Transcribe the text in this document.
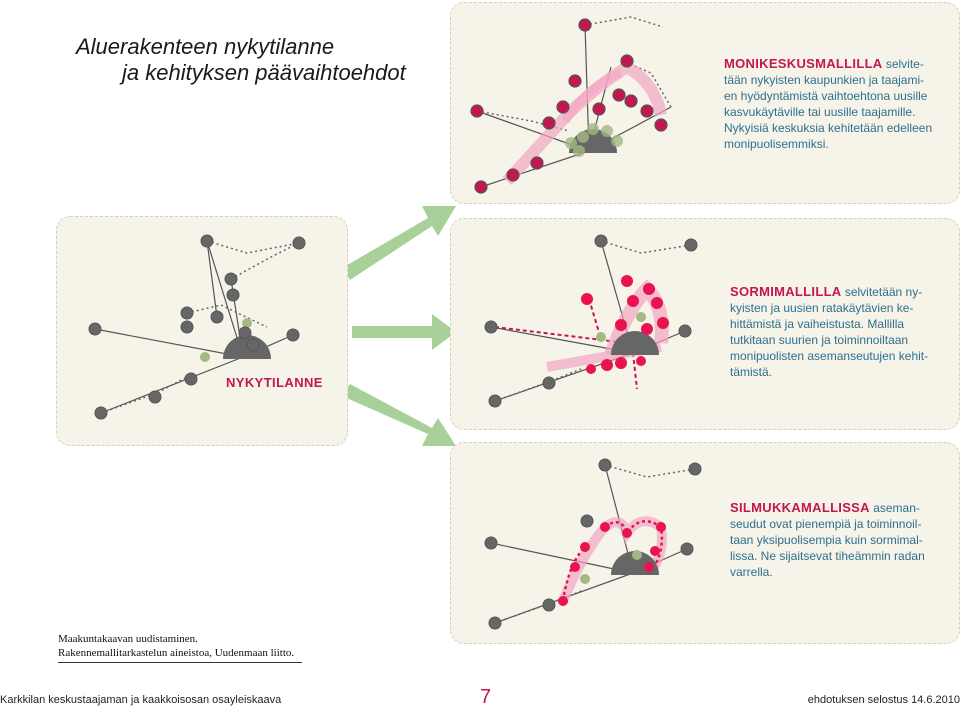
Aluerakenteen nykytilanne
ja kehityksen päävaihtoehdot	MONIKESKUSMALLILLA selvite-
tään nykyisten kaupunkien ja taajami-
en hyödyntämistä vaihtoehtona uusille
kasvukäytäville tai uusille taajamille.
Nykyisiä keskuksia kehitetään edelleen
monipuolisemmiksi.
NYKYTILANNE
SORMIMALLILLA selvitetään ny-
kyisten ja uusien ratakäytävien ke-
hittämistä ja vaiheistusta. Mallilla
tutkitaan suurien ja toiminnoiltaan
monipuolisten asemanseutujen kehit-
tämistä.
SILMUKKAMALLISSA aseman-
seudut ovat pienempiä ja toiminnoil-
taan yksipuolisempia kuin sormimal-
lissa. Ne sijaitsevat tiheämmin radan
varrella.
Maakuntakaavan uudistaminen.
Rakennemallitarkastelun aineistoa, Uudenmaan liitto.
Karkkilan keskustaajaman ja kaakkoisosan osayleiskaava	7	ehdotuksen selostus 14.6.2010
